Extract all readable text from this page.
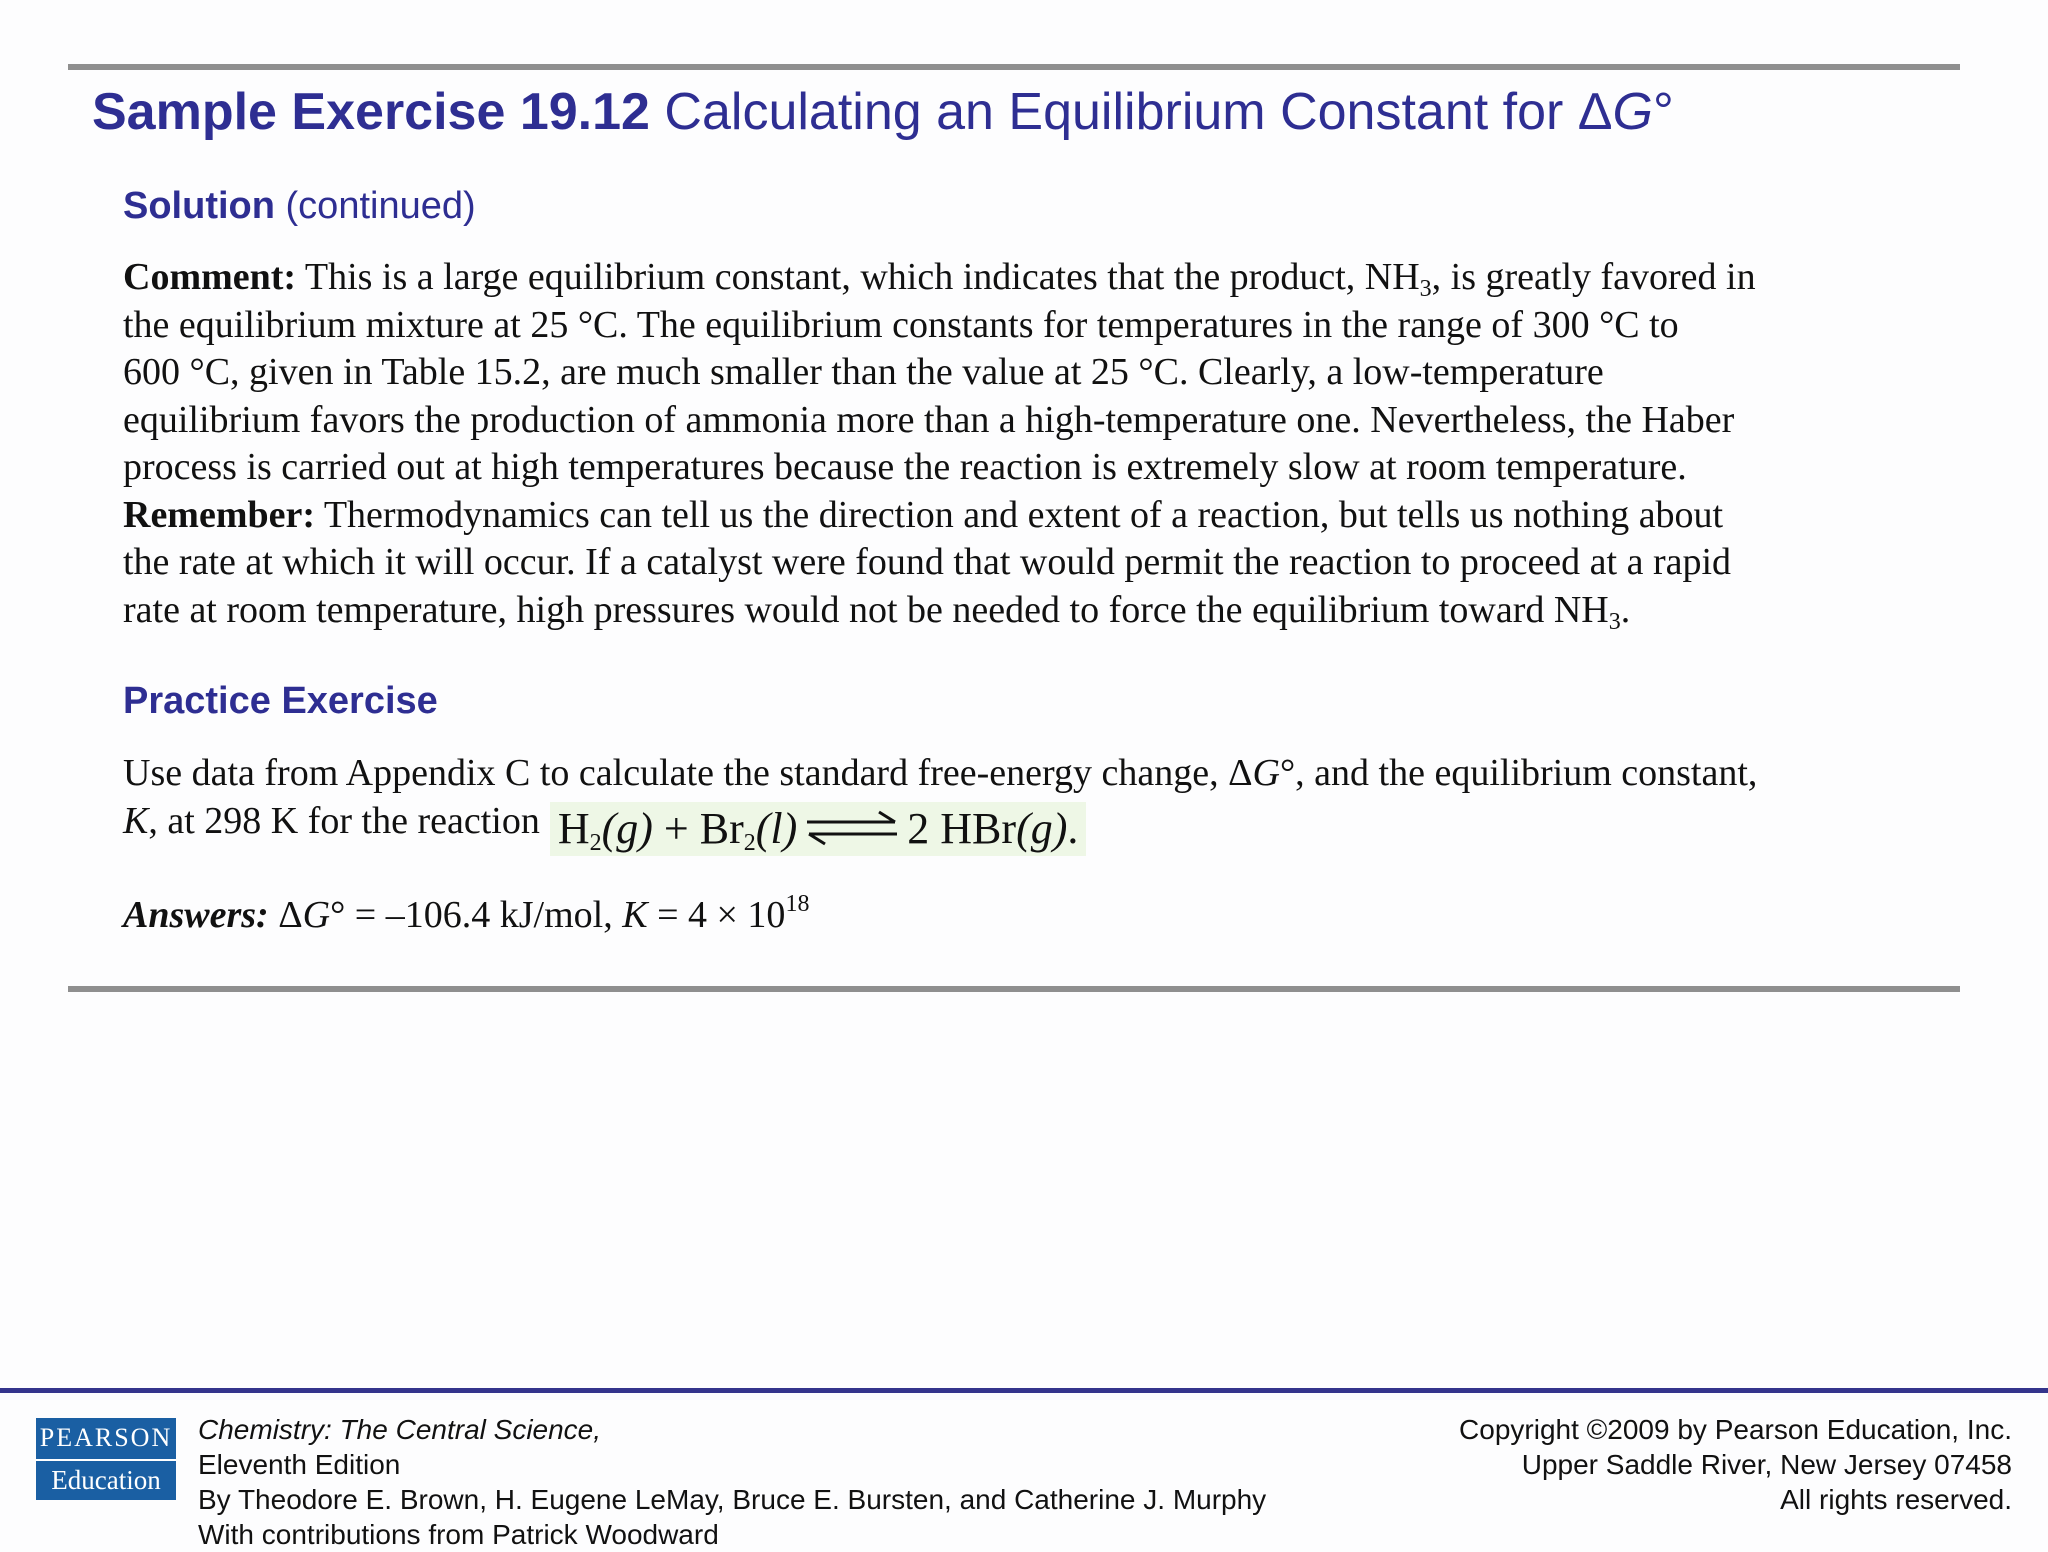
Sample Exercise 19.12 Calculating an Equilibrium Constant for ΔG°
Solution (continued)
Comment: This is a large equilibrium constant, which indicates that the product, $NH_3$, is greatly favored in
the equilibrium mixture at 25 °C. The equilibrium constants for temperatures in the range of 300 °C to
600 °C, given in Table 15.2, are much smaller than the value at 25 °C. Clearly, a low-temperature
equilibrium favors the production of ammonia more than a high-temperature one. Nevertheless, the Haber
process is carried out at high temperatures because the reaction is extremely slow at room temperature.
Remember: Thermodynamics can tell us the direction and extent of a reaction, but tells us nothing about
the rate at which it will occur. If a catalyst were found that would permit the reaction to proceed at a rapid
rate at room temperature, high pressures would not be needed to force the equilibrium toward $NH_3$.
Practice Exercise
Use data from Appendix C to calculate the standard free-energy change, ΔG°, and the equilibrium constant,
K, at 298 K for the reaction $H_2(g) + Br_2(l)$ ⇌ 2 HBr(g).
Answers: ΔG° = –106.4 kJ/mol, $K = 4 \times 10^{18}$
PEARSON
Education
Chemistry: The Central Science,
Eleventh Edition
By Theodore E. Brown, H. Eugene LeMay, Bruce E. Bursten, and Catherine J. Murphy
With contributions from Patrick Woodward
Copyright ©2009 by Pearson Education, Inc.
Upper Saddle River, New Jersey 07458
All rights reserved.
